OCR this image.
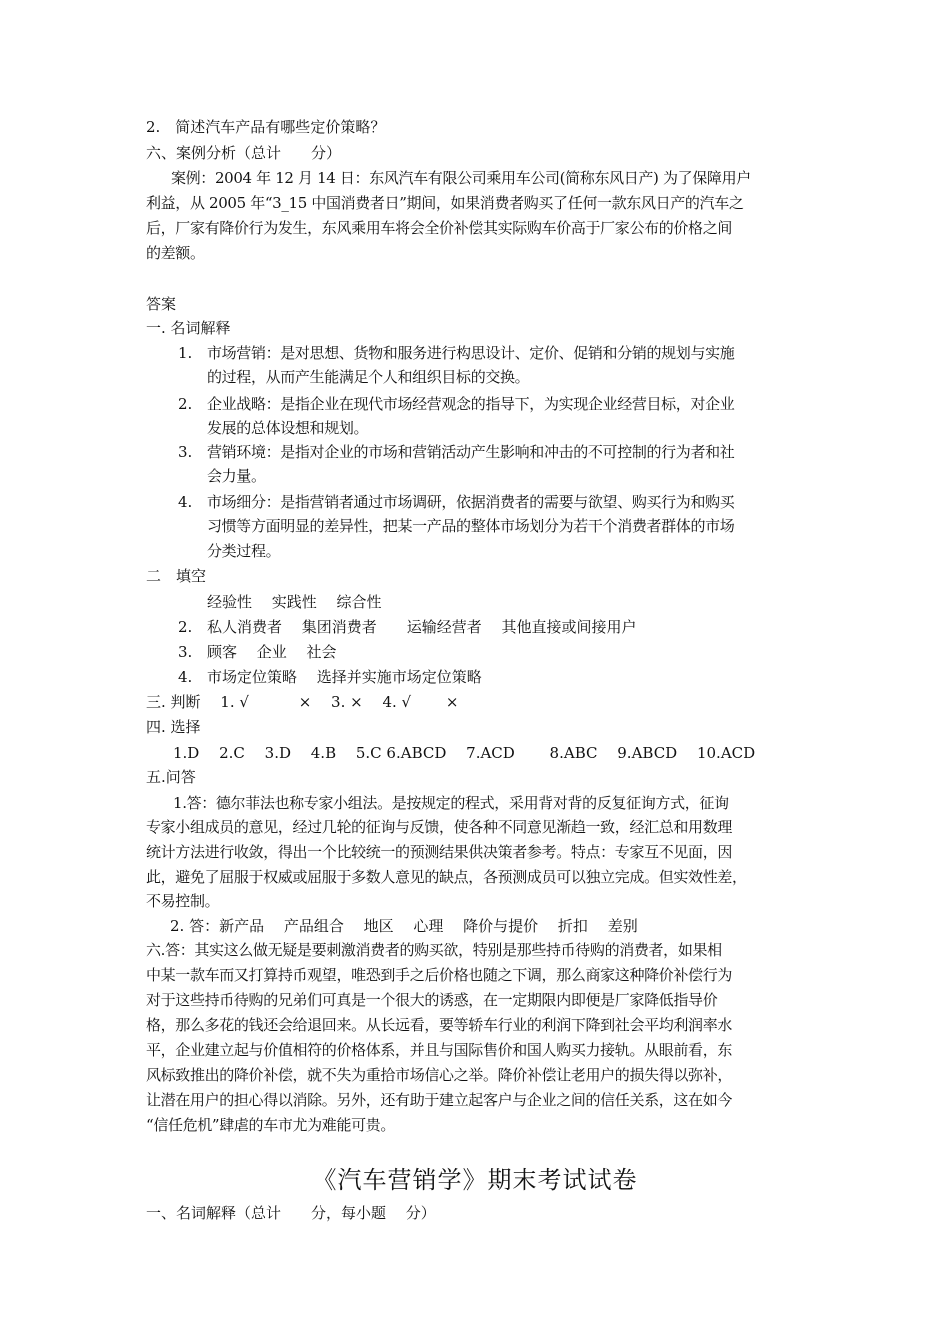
2.　简述汽车产品有哪些定价策略？
六、案例分析（总计　　分）
案例：2004 年 12 月 14 日：东风汽车有限公司乘用车公司(简称东风日产) 为了保障用户
利益，从 2005 年“3_15 中国消费者日”期间，如果消费者购买了任何一款东风日产的汽车之
后，厂家有降价行为发生，东风乘用车将会全价补偿其实际购车价高于厂家公布的价格之间
的差额。
答案
一. 名词解释
1. 市场营销：是对思想、货物和服务进行构思设计、定价、促销和分销的规划与实施
的过程，从而产生能满足个人和组织目标的交换。
2. 企业战略：是指企业在现代市场经营观念的指导下，为实现企业经营目标，对企业
发展的总体设想和规划。
3. 营销环境：是指对企业的市场和营销活动产生影响和冲击的不可控制的行为者和社
会力量。
4. 市场细分：是指营销者通过市场调研，依据消费者的需要与欲望、购买行为和购买
习惯等方面明显的差异性，把某一产品的整体市场划分为若干个消费者群体的市场
分类过程。
二　填空
经验性　 实践性　 综合性
2. 私人消费者　 集团消费者　　运输经营者　 其他直接或间接用户
3. 顾客　 企业　 社会
4. 市场定位策略　 选择并实施市场定位策略
三. 判断　 1. √　　　 ×　 3. ×　 4. √　　 ×
四. 选择
1.D　 2.C　 3.D　 4.B　 5.C 6.ABCD　 7.ACD　　 8.ABC　 9.ABCD　 10.ACD
五.问答
1.答：德尔菲法也称专家小组法。是按规定的程式，采用背对背的反复征询方式，征询
专家小组成员的意见，经过几轮的征询与反馈，使各种不同意见渐趋一致，经汇总和用数理
统计方法进行收敛，得出一个比较统一的预测结果供决策者参考。特点：专家互不见面，因
此，避免了屈服于权威或屈服于多数人意见的缺点，各预测成员可以独立完成。但实效性差，
不易控制。
2. 答：新产品　 产品组合　 地区　 心理　 降价与提价　 折扣　 差别
六.答：其实这么做无疑是要刺激消费者的购买欲，特别是那些持币待购的消费者，如果相
中某一款车而又打算持币观望，唯恐到手之后价格也随之下调，那么商家这种降价补偿行为
对于这些持币待购的兄弟们可真是一个很大的诱惑，在一定期限内即便是厂家降低指导价
格，那么多花的钱还会给退回来。从长远看，要等轿车行业的利润下降到社会平均利润率水
平，企业建立起与价值相符的价格体系，并且与国际售价和国人购买力接轨。从眼前看，东
风标致推出的降价补偿，就不失为重拾市场信心之举。降价补偿让老用户的损失得以弥补，
让潜在用户的担心得以消除。另外，还有助于建立起客户与企业之间的信任关系，这在如今
“信任危机”肆虐的车市尤为难能可贵。
《汽车营销学》期末考试试卷
一、名词解释（总计　　分，每小题　 分）
